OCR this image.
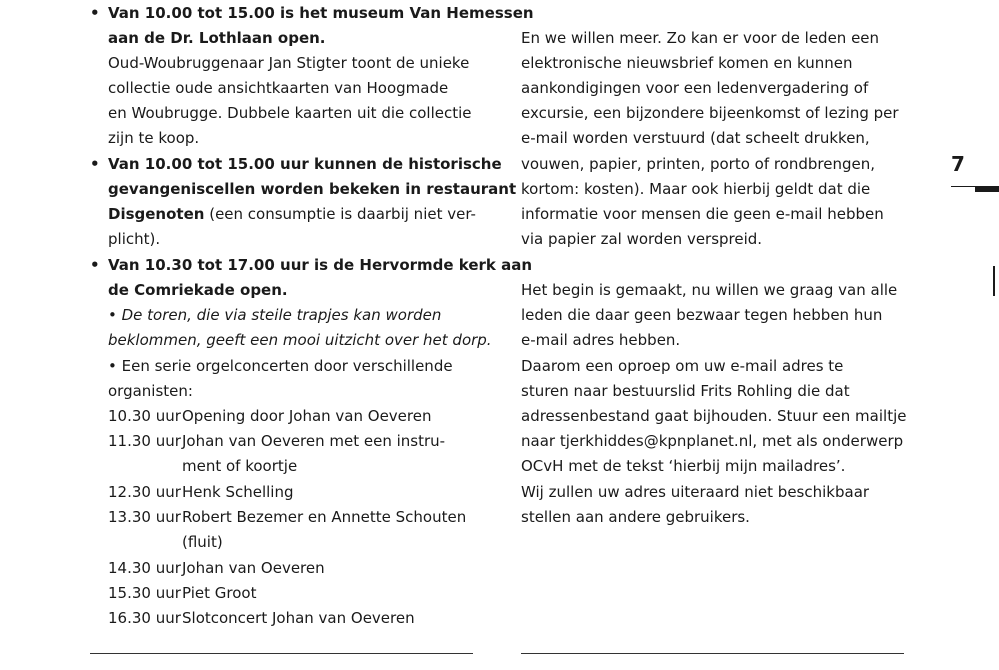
• Van 10.00 tot 15.00 is het museum Van Hemessen
aan de Dr. Lothlaan open.
Oud-Woubruggenaar Jan Stigter toont de unieke
collectie oude ansichtkaarten van Hoogmade
en Woubrugge. Dubbele kaarten uit die collectie
zijn te koop.
• Van 10.00 tot 15.00 uur kunnen de historische
gevangeniscellen worden bekeken in restaurant
Disgenoten (een consumptie is daarbij niet ver-
plicht).
• Van 10.30 tot 17.00 uur is de Hervormde kerk aan
de Comriekade open.
• De toren, die via steile trapjes kan worden
beklommen, geeft een mooi uitzicht over het dorp.
• Een serie orgelconcerten door verschillende
organisten:
10.30 uurOpening door Johan van Oeveren
11.30 uurJohan van Oeveren met een instru-
ment of koortje
12.30 uurHenk Schelling
13.30 uurRobert Bezemer en Annette Schouten
(fluit)
14.30 uurJohan van Oeveren
15.30 uurPiet Groot
16.30 uurSlotconcert Johan van Oeveren
En we willen meer. Zo kan er voor de leden een
elektronische nieuwsbrief komen en kunnen
aankondigingen voor een ledenvergadering of
excursie, een bijzondere bijeenkomst of lezing per
e-mail worden verstuurd (dat scheelt drukken,
vouwen, papier, printen, porto of rondbrengen,
kortom: kosten). Maar ook hierbij geldt dat die
informatie voor mensen die geen e-mail hebben
via papier zal worden verspreid.
Het begin is gemaakt, nu willen we graag van alle
leden die daar geen bezwaar tegen hebben hun
e-mail adres hebben.
Daarom een oproep om uw e-mail adres te
sturen naar bestuurslid Frits Rohling die dat
adressenbestand gaat bijhouden. Stuur een mailtje
naar tjerkhiddes@kpnplanet.nl, met als onderwerp
OCvH met de tekst ‘hierbij mijn mailadres’.
Wij zullen uw adres uiteraard niet beschikbaar
stellen aan andere gebruikers.
7
